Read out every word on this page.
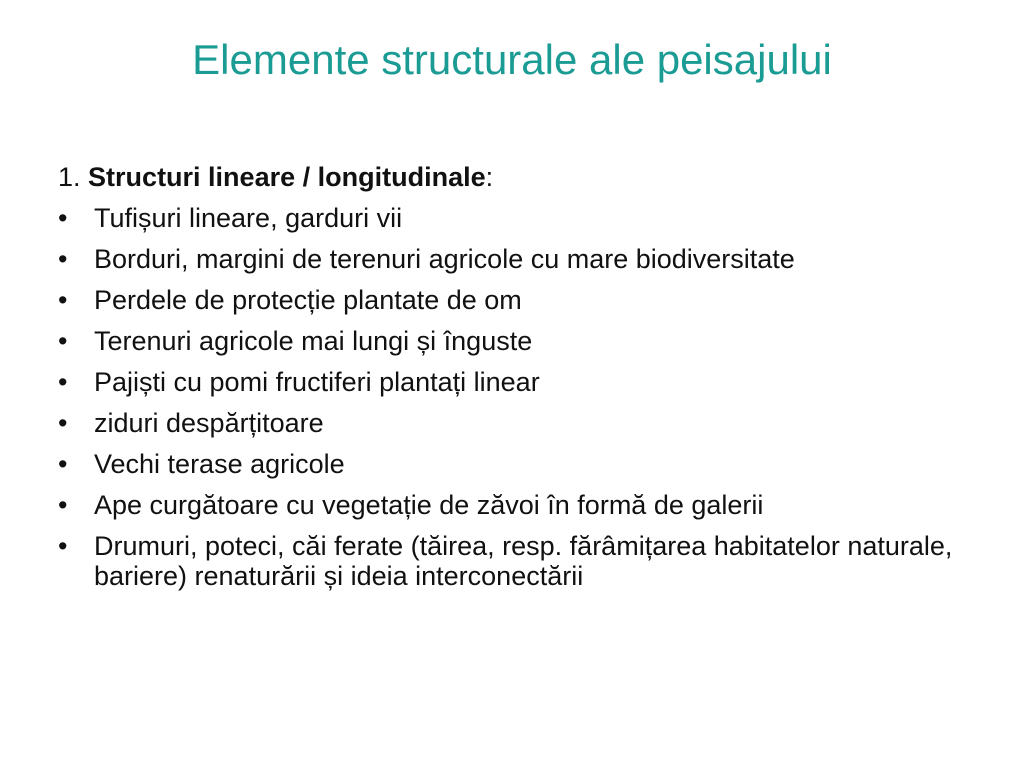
Elemente structurale ale peisajului
1. Structuri lineare / longitudinale:
• Tufișuri lineare, garduri vii
• Borduri, margini de terenuri agricole cu mare biodiversitate
• Perdele de protecție plantate de om
• Terenuri agricole mai lungi și înguste
• Pajiști cu pomi fructiferi plantați linear
• ziduri despărțitoare
• Vechi terase agricole
• Ape curgătoare cu vegetație de zăvoi în formă de galerii
• Drumuri, poteci, căi ferate (tăirea, resp. fărâmițarea habitatelor naturale, bariere) renaturării și ideia interconectării
